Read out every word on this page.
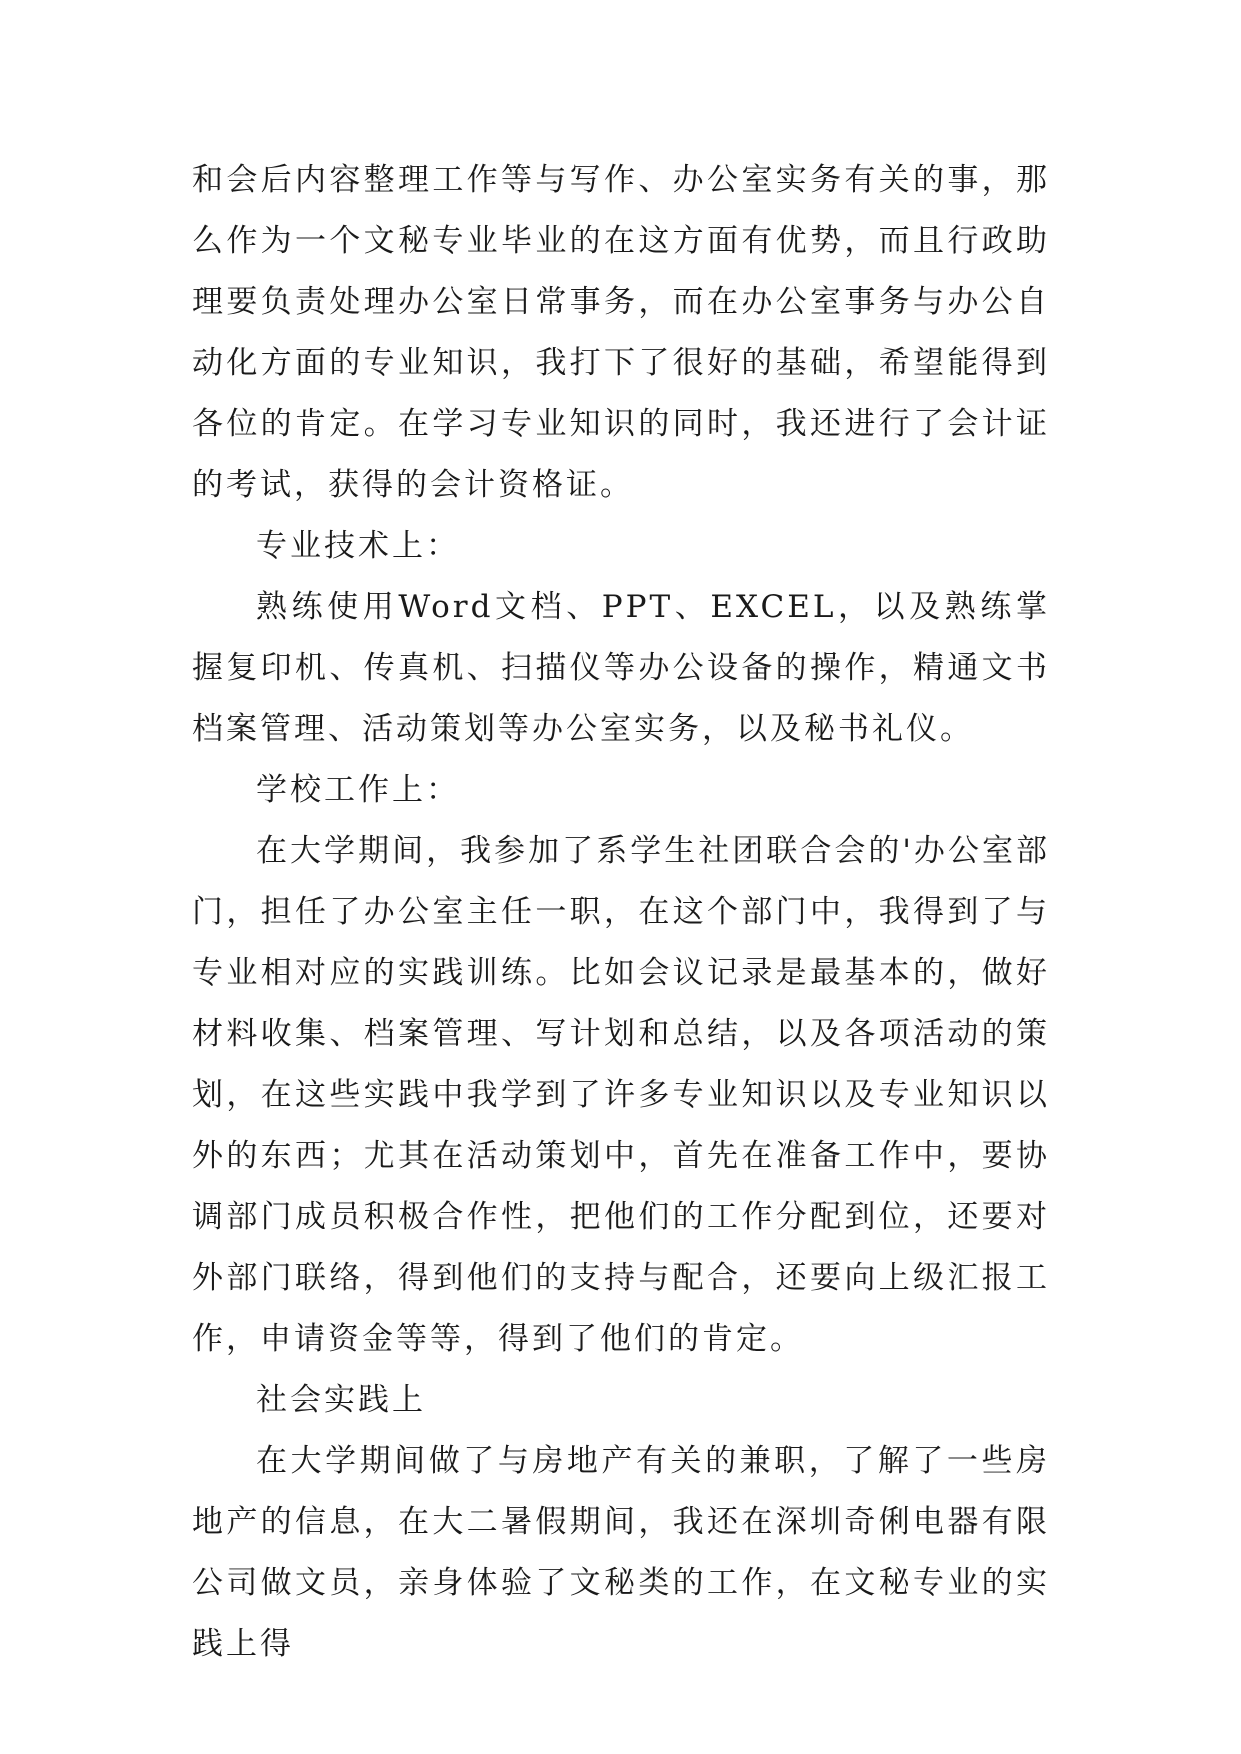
和会后内容整理工作等与写作、办公室实务有关的事，那么作为一个文秘专业毕业的在这方面有优势，而且行政助理要负责处理办公室日常事务，而在办公室事务与办公自动化方面的专业知识，我打下了很好的基础，希望能得到各位的肯定。在学习专业知识的同时，我还进行了会计证的考试，获得的会计资格证。

专业技术上：

熟练使用Word文档、PPT、EXCEL，以及熟练掌握复印机、传真机、扫描仪等办公设备的操作，精通文书档案管理、活动策划等办公室实务，以及秘书礼仪。

学校工作上：

在大学期间，我参加了系学生社团联合会的'办公室部门，担任了办公室主任一职，在这个部门中，我得到了与专业相对应的实践训练。比如会议记录是最基本的，做好材料收集、档案管理、写计划和总结，以及各项活动的策划，在这些实践中我学到了许多专业知识以及专业知识以外的东西；尤其在活动策划中，首先在准备工作中，要协调部门成员积极合作性，把他们的工作分配到位，还要对外部门联络，得到他们的支持与配合，还要向上级汇报工作，申请资金等等，得到了他们的肯定。

社会实践上

在大学期间做了与房地产有关的兼职，了解了一些房地产的信息，在大二暑假期间，我还在深圳奇俐电器有限公司做文员，亲身体验了文秘类的工作，在文秘专业的实践上得
